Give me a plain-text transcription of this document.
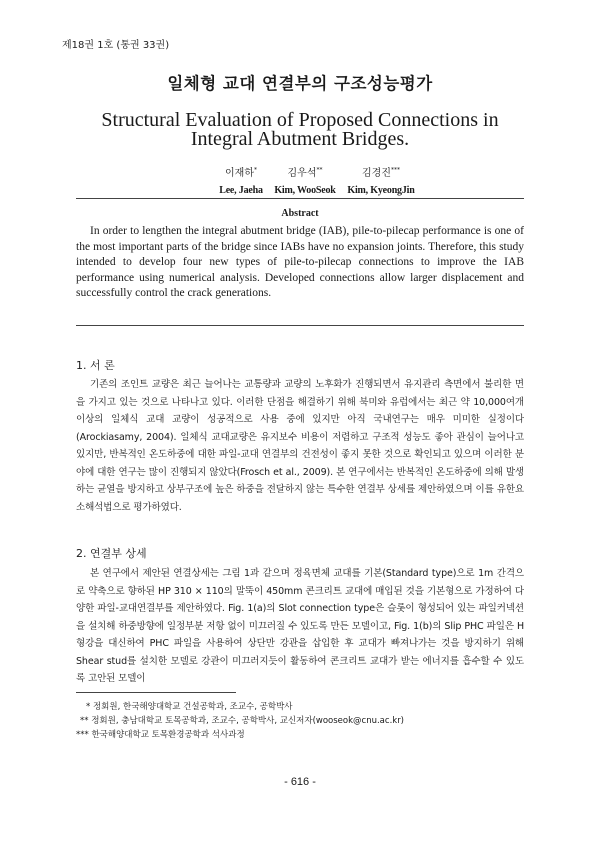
제18권 1호 (통권 33권)
일체형 교대 연결부의 구조성능평가
Structural Evaluation of Proposed Connections in
Integral Abutment Bridges.
이재하*
Lee, Jaeha
김우석**
Kim, WooSeok
김경진***
Kim, KyeongJin
Abstract

In order to lengthen the integral abutment bridge (IAB), pile-to-pilecap performance is one of the most important parts of the bridge since IABs have no expansion joints. Therefore, this study intended to develop four new types of pile-to-pilecap connections to improve the IAB performance using numerical analysis. Developed connections allow larger displacement and successfully control the crack generations.

1. 서 론

기존의 조인트 교량은 최근 늘어나는 교통량과 교량의 노후화가 진행되면서 유지관리 측면에서 불리한 면을 가지고 있는 것으로 나타나고 있다. 이러한 단점을 해결하기 위해 북미와 유럽에서는 최근 약 10,000여개 이상의 일체식 교대 교량이 성공적으로 사용 중에 있지만 아직 국내연구는 매우 미미한 실정이다(Arockiasamy, 2004). 일체식 교대교량은 유지보수 비용이 저렴하고 구조적 성능도 좋아 관심이 늘어나고 있지만, 반복적인 온도하중에 대한 파일-교대 연결부의 건전성이 좋지 못한 것으로 확인되고 있으며 이러한 분야에 대한 연구는 많이 진행되지 않았다(Frosch et al., 2009). 본 연구에서는 반복적인 온도하중에 의해 발생하는 균열을 방지하고 상부구조에 높은 하중을 전달하지 않는 특수한 연결부 상세를 제안하였으며 이를 유한요소해석법으로 평가하였다.

2. 연결부 상세

본 연구에서 제안된 연결상세는 그림 1과 같으며 정육면체 교대를 기본(Standard type)으로 1m 간격으로 약축으로 향하된 HP 310 × 110의 말뚝이 450mm 콘크리트 교대에 매입된 것을 기본형으로 가정하여 다양한 파일-교대연결부를 제안하였다. Fig. 1(a)의 Slot connection type은 슬롯이 형성되어 있는 파일커넥션을 설치해 하중방향에 일정부분 저항 없이 미끄러질 수 있도록 만든 모델이고, Fig. 1(b)의 Slip PHC 파일은 H형강을 대신하여 PHC 파일을 사용하여 상단만 강관을 삽입한 후 교대가 빠져나가는 것을 방지하기 위해 Shear stud를 설치한 모델로 강관이 미끄러지듯이 활동하여 콘크리트 교대가 받는 에너지를 흡수할 수 있도록 고안된 모델이

* 정회원, 한국해양대학교 건설공학과, 조교수, 공학박사
** 정회원, 충남대학교 토목공학과, 조교수, 공학박사, 교신저자(wooseok@cnu.ac.kr)
*** 한국해양대학교 토목환경공학과 석사과정
- 616 -
